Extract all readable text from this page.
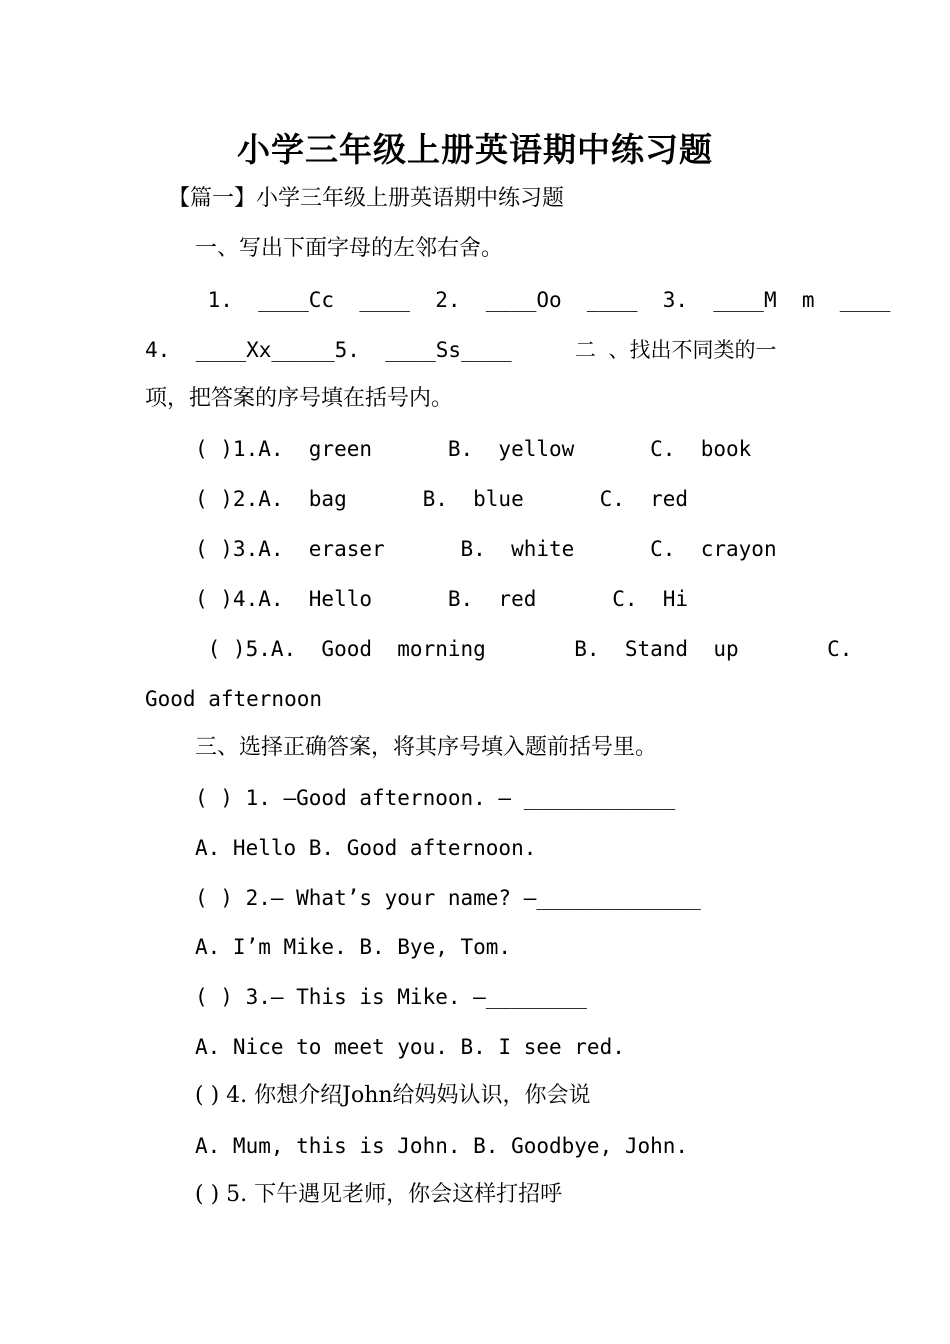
小学三年级上册英语期中练习题
【篇一】小学三年级上册英语期中练习题
一、写出下面字母的左邻右舍。
1.  ____Cc  ____  2.  ____Oo  ____  3.  ____M  m  ____
4.  ____Xx_____5.  ____Ss____     二 、找出不同类的一
项，把答案的序号填在括号内。
( )1.A.  green      B.  yellow      C.  book
( )2.A.  bag      B.  blue      C.  red
( )3.A.  eraser      B.  white      C.  crayon
( )4.A.  Hello      B.  red      C.  Hi
( )5.A.  Good  morning       B.  Stand  up       C.
Good afternoon
三、选择正确答案，将其序号填入题前括号里。
( ) 1. —Good afternoon. — ____________
A. Hello B. Good afternoon.
( ) 2.— What’s your name? —_____________
A. I’m Mike. B. Bye, Tom.
( ) 3.— This is Mike. —________
A. Nice to meet you. B. I see red.
( ) 4. 你想介绍John给妈妈认识，你会说
A. Mum, this is John. B. Goodbye, John.
( ) 5. 下午遇见老师，你会这样打招呼
